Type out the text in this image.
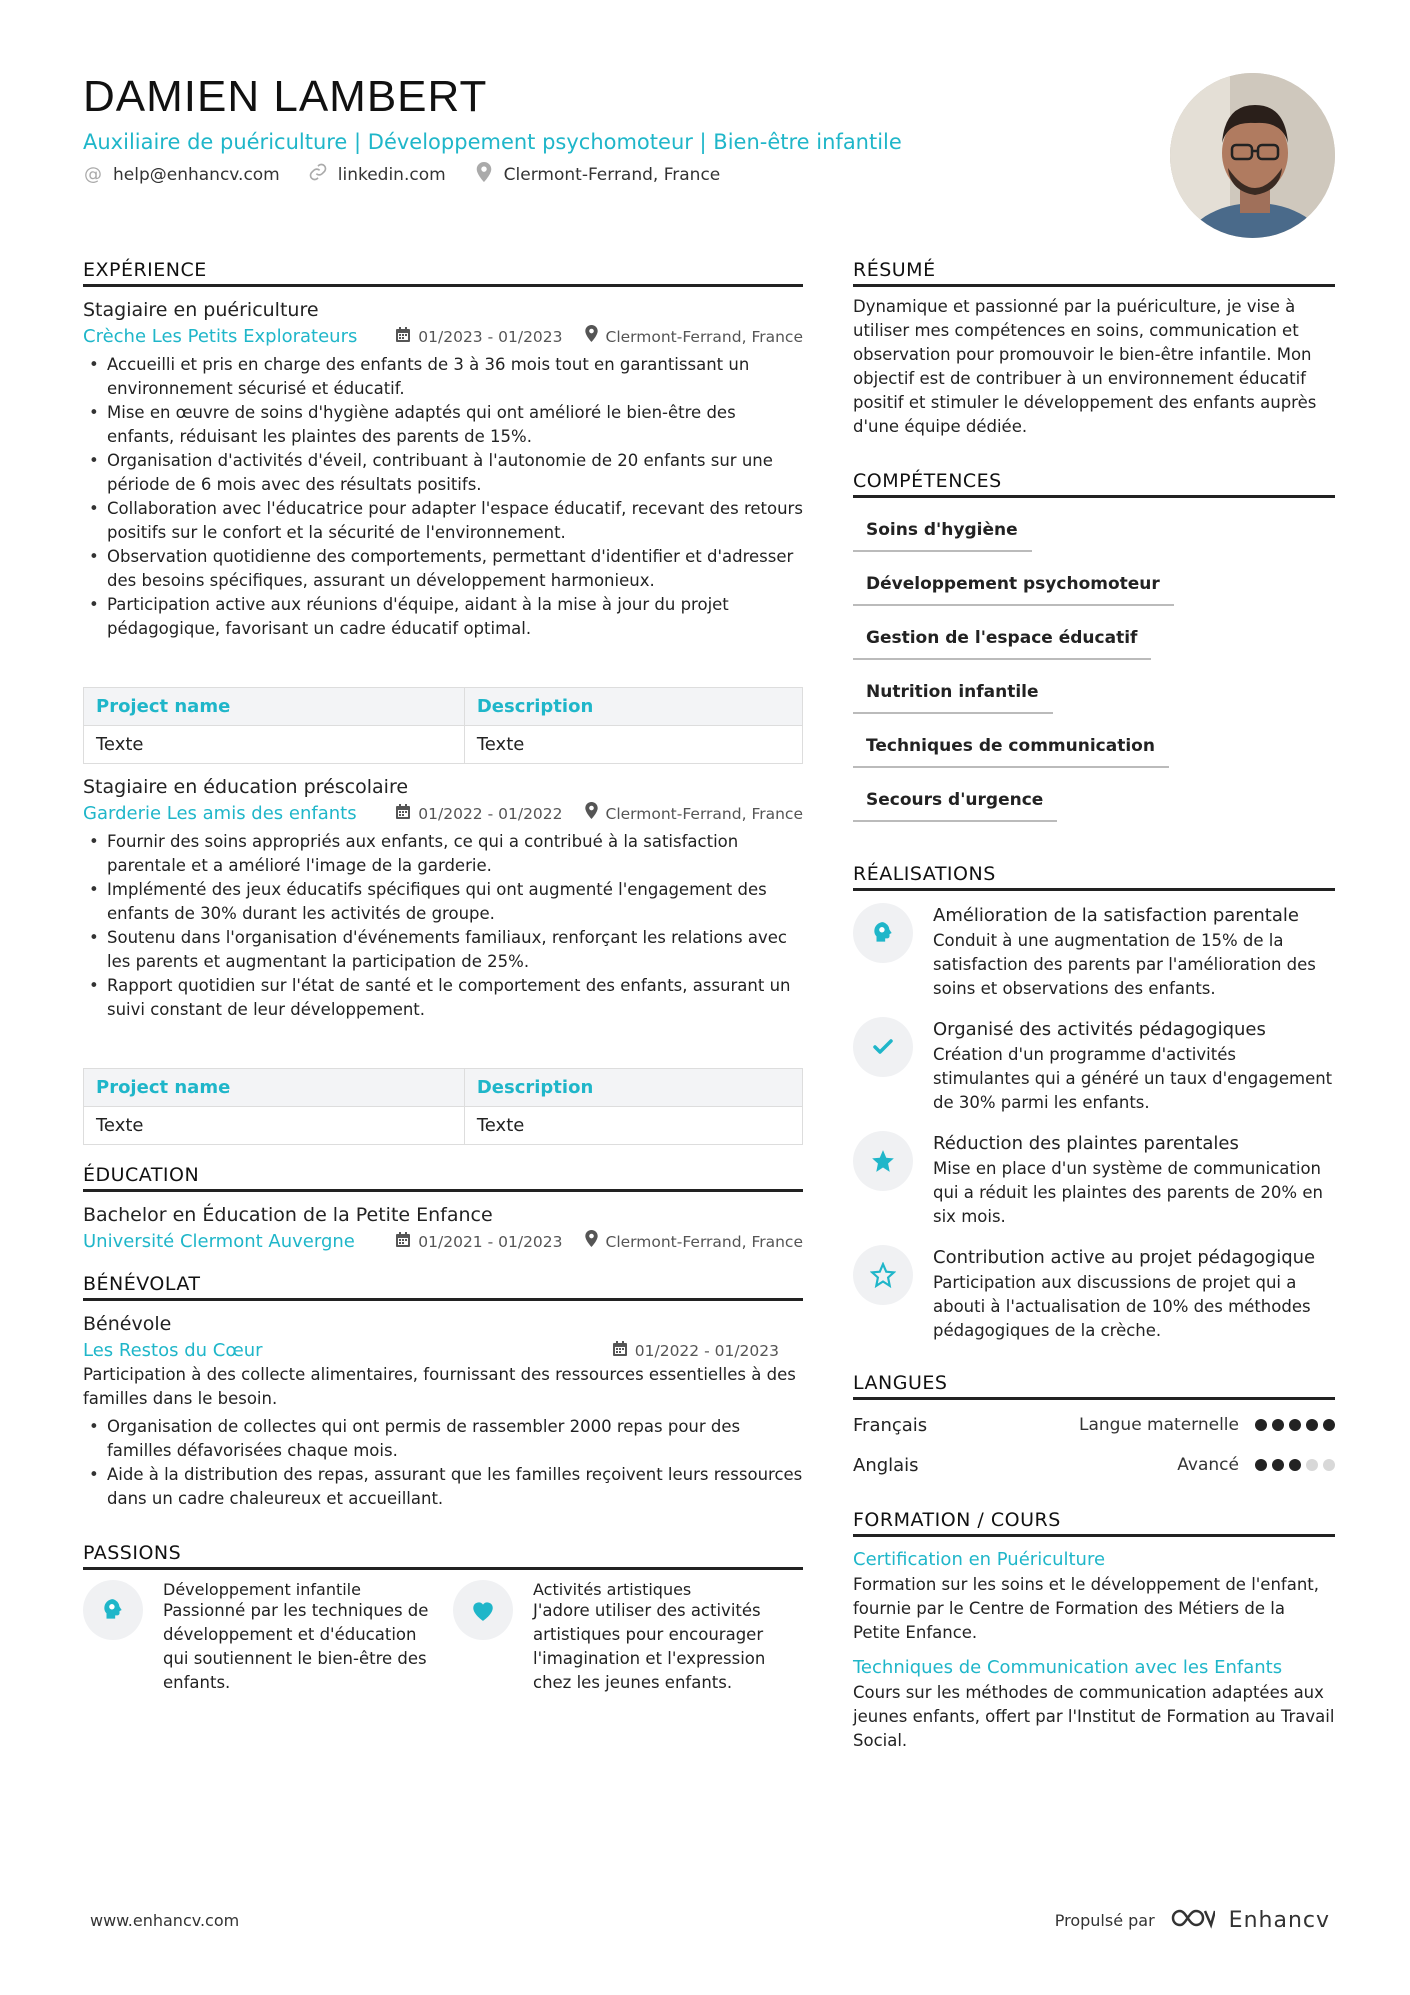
DAMIEN LAMBERT
Auxiliaire de puériculture | Développement psychomoteur | Bien-être infantile
@ help@enhancv.com	linkedin.com	Clermont-Ferrand, France
EXPÉRIENCE
Stagiaire en puériculture
Crèche Les Petits Explorateurs	01/2023 - 01/2023	Clermont-Ferrand, France
• Accueilli et pris en charge des enfants de 3 à 36 mois tout en garantissant un environnement sécurisé et éducatif.
• Mise en œuvre de soins d'hygiène adaptés qui ont amélioré le bien-être des enfants, réduisant les plaintes des parents de 15%.
• Organisation d'activités d'éveil, contribuant à l'autonomie de 20 enfants sur une période de 6 mois avec des résultats positifs.
• Collaboration avec l'éducatrice pour adapter l'espace éducatif, recevant des retours positifs sur le confort et la sécurité de l'environnement.
• Observation quotidienne des comportements, permettant d'identifier et d'adresser des besoins spécifiques, assurant un développement harmonieux.
• Participation active aux réunions d'équipe, aidant à la mise à jour du projet pédagogique, favorisant un cadre éducatif optimal.
Project name	Description
Texte	Texte
Stagiaire en éducation préscolaire
Garderie Les amis des enfants	01/2022 - 01/2022	Clermont-Ferrand, France
• Fournir des soins appropriés aux enfants, ce qui a contribué à la satisfaction parentale et a amélioré l'image de la garderie.
• Implémenté des jeux éducatifs spécifiques qui ont augmenté l'engagement des enfants de 30% durant les activités de groupe.
• Soutenu dans l'organisation d'événements familiaux, renforçant les relations avec les parents et augmentant la participation de 25%.
• Rapport quotidien sur l'état de santé et le comportement des enfants, assurant un suivi constant de leur développement.
Project name	Description
Texte	Texte
ÉDUCATION
Bachelor en Éducation de la Petite Enfance
Université Clermont Auvergne	01/2021 - 01/2023	Clermont-Ferrand, France
BÉNÉVOLAT
Bénévole
Les Restos du Cœur	01/2022 - 01/2023
Participation à des collecte alimentaires, fournissant des ressources essentielles à des familles dans le besoin.
• Organisation de collectes qui ont permis de rassembler 2000 repas pour des familles défavorisées chaque mois.
• Aide à la distribution des repas, assurant que les familles reçoivent leurs ressources dans un cadre chaleureux et accueillant.
PASSIONS
Développement infantile
Passionné par les techniques de développement et d'éducation qui soutiennent le bien-être des enfants.
Activités artistiques
J'adore utiliser des activités artistiques pour encourager l'imagination et l'expression chez les jeunes enfants.
RÉSUMÉ
Dynamique et passionné par la puériculture, je vise à utiliser mes compétences en soins, communication et observation pour promouvoir le bien-être infantile. Mon objectif est de contribuer à un environnement éducatif positif et stimuler le développement des enfants auprès d'une équipe dédiée.
COMPÉTENCES
Soins d'hygiène
Développement psychomoteur
Gestion de l'espace éducatif
Nutrition infantile
Techniques de communication
Secours d'urgence
RÉALISATIONS
Amélioration de la satisfaction parentale
Conduit à une augmentation de 15% de la satisfaction des parents par l'amélioration des soins et observations des enfants.
Organisé des activités pédagogiques
Création d'un programme d'activités stimulantes qui a généré un taux d'engagement de 30% parmi les enfants.
Réduction des plaintes parentales
Mise en place d'un système de communication qui a réduit les plaintes des parents de 20% en six mois.
Contribution active au projet pédagogique
Participation aux discussions de projet qui a abouti à l'actualisation de 10% des méthodes pédagogiques de la crèche.
LANGUES
Français	Langue maternelle
Anglais	Avancé
FORMATION / COURS
Certification en Puériculture
Formation sur les soins et le développement de l'enfant, fournie par le Centre de Formation des Métiers de la Petite Enfance.
Techniques de Communication avec les Enfants
Cours sur les méthodes de communication adaptées aux jeunes enfants, offert par l'Institut de Formation au Travail Social.
www.enhancv.com	Propulsé par	Enhancv
